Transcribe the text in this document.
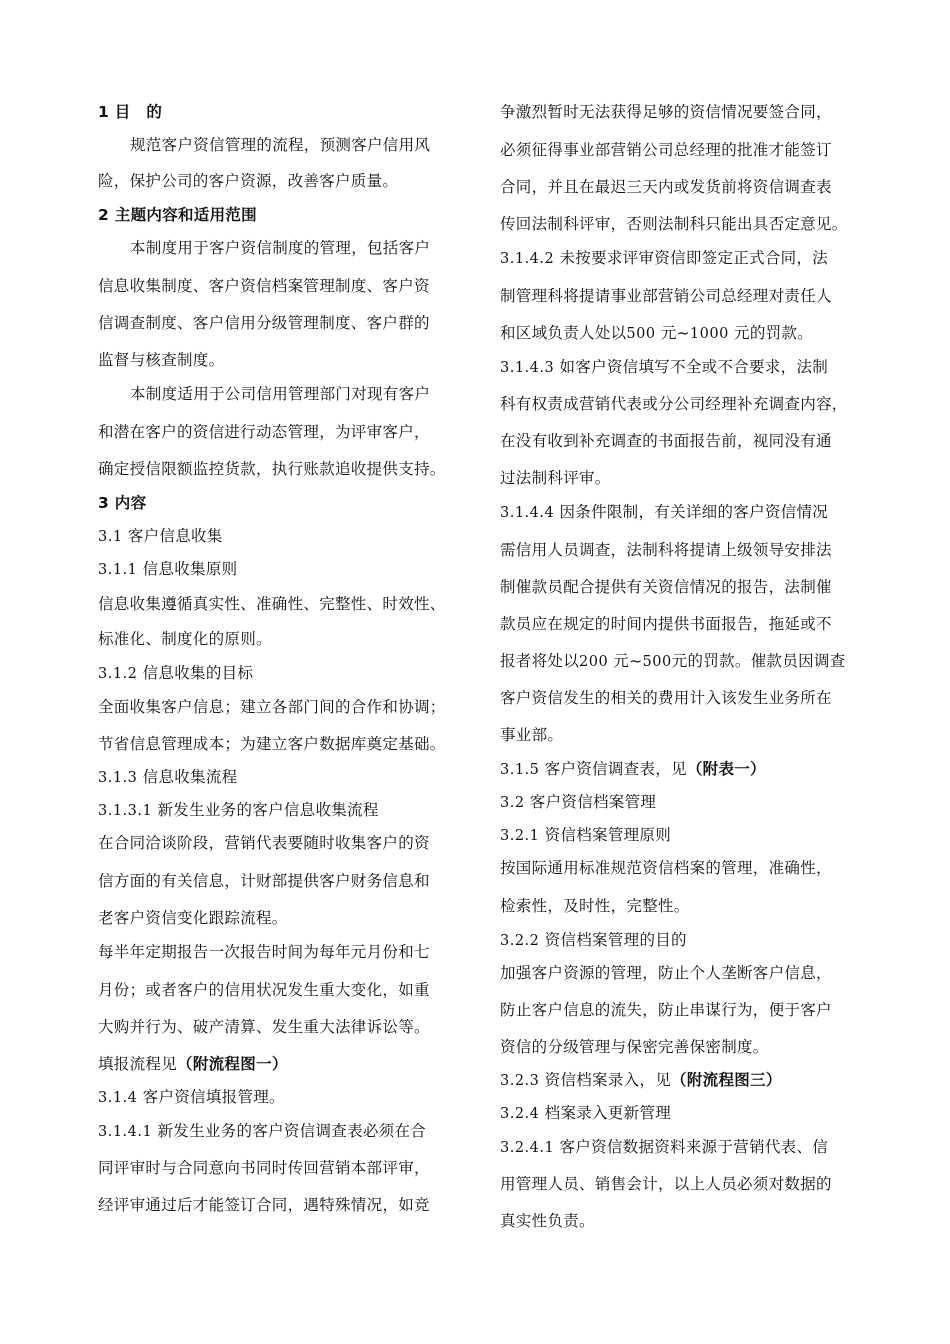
1 目　的
规范客户资信管理的流程，预测客户信用风
险，保护公司的客户资源，改善客户质量。
2 主题内容和适用范围
本制度用于客户资信制度的管理，包括客户
信息收集制度、客户资信档案管理制度、客户资
信调查制度、客户信用分级管理制度、客户群的
监督与核查制度。
本制度适用于公司信用管理部门对现有客户
和潜在客户的资信进行动态管理，为评审客户，
确定授信限额监控货款，执行账款追收提供支持。
3 内容
3.1 客户信息收集
3.1.1 信息收集原则
信息收集遵循真实性、准确性、完整性、时效性、
标准化、制度化的原则。
3.1.2 信息收集的目标
全面收集客户信息；建立各部门间的合作和协调；
节省信息管理成本；为建立客户数据库奠定基础。
3.1.3 信息收集流程
3.1.3.1 新发生业务的客户信息收集流程
在合同洽谈阶段，营销代表要随时收集客户的资
信方面的有关信息，计财部提供客户财务信息和
老客户资信变化跟踪流程。
每半年定期报告一次报告时间为每年元月份和七
月份；或者客户的信用状况发生重大变化，如重
大购并行为、破产清算、发生重大法律诉讼等。
填报流程见（附流程图一）
3.1.4 客户资信填报管理。
3.1.4.1 新发生业务的客户资信调查表必须在合
同评审时与合同意向书同时传回营销本部评审，
经评审通过后才能签订合同，遇特殊情况，如竞
争激烈暂时无法获得足够的资信情况要签合同，
必须征得事业部营销公司总经理的批准才能签订
合同，并且在最迟三天内或发货前将资信调查表
传回法制科评审，否则法制科只能出具否定意见。
3.1.4.2 未按要求评审资信即签定正式合同，法
制管理科将提请事业部营销公司总经理对责任人
和区域负责人处以500 元~1000 元的罚款。
3.1.4.3 如客户资信填写不全或不合要求，法制
科有权责成营销代表或分公司经理补充调查内容，
在没有收到补充调查的书面报告前，视同没有通
过法制科评审。
3.1.4.4 因条件限制，有关详细的客户资信情况
需信用人员调查，法制科将提请上级领导安排法
制催款员配合提供有关资信情况的报告，法制催
款员应在规定的时间内提供书面报告，拖延或不
报者将处以200 元~500元的罚款。催款员因调查
客户资信发生的相关的费用计入该发生业务所在
事业部。
3.1.5 客户资信调查表，见（附表一）
3.2 客户资信档案管理
3.2.1 资信档案管理原则
按国际通用标准规范资信档案的管理，准确性，
检索性，及时性，完整性。
3.2.2 资信档案管理的目的
加强客户资源的管理，防止个人垄断客户信息，
防止客户信息的流失，防止串谋行为，便于客户
资信的分级管理与保密完善保密制度。
3.2.3 资信档案录入，见（附流程图三）
3.2.4 档案录入更新管理
3.2.4.1 客户资信数据资料来源于营销代表、信
用管理人员、销售会计，以上人员必须对数据的
真实性负责。
